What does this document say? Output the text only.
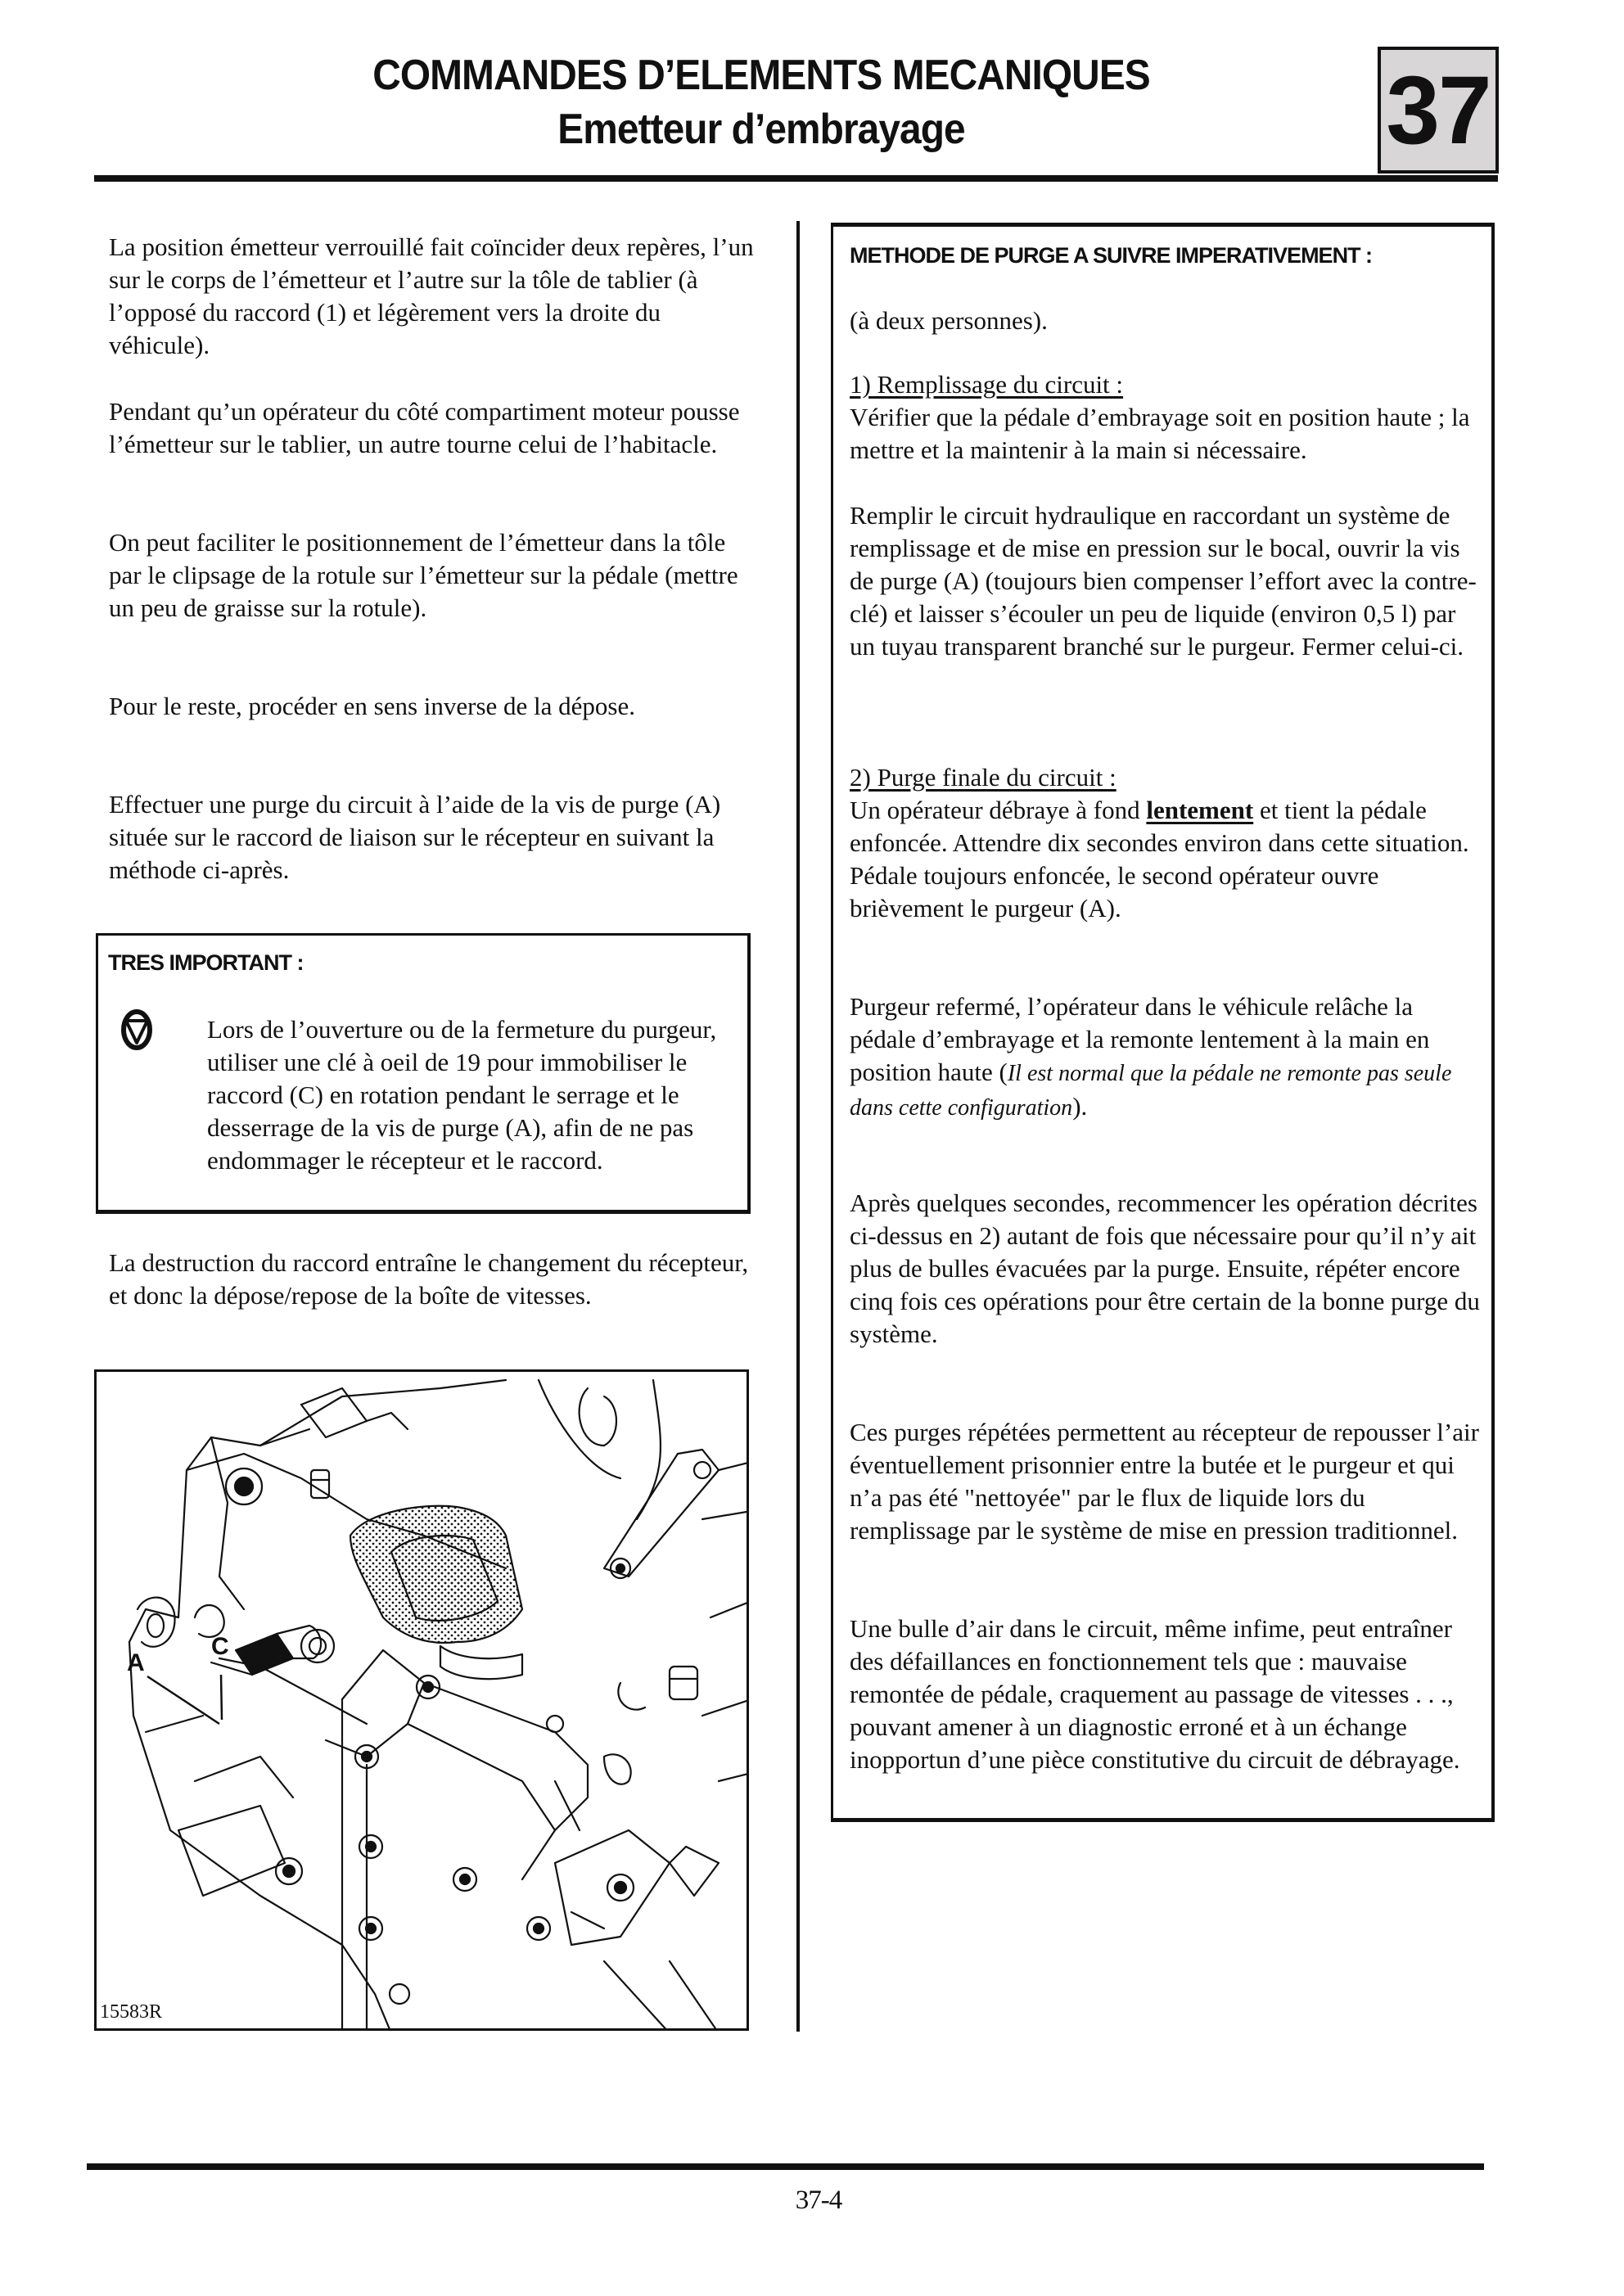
COMMANDES D’ELEMENTS MECANIQUES
Emetteur d’embrayage	37

La position émetteur verrouillé fait coïncider deux repères, l’un sur le corps de l’émetteur et l’autre sur la tôle de tablier (à l’opposé du raccord (1) et légèrement vers la droite du véhicule).

Pendant qu’un opérateur du côté compartiment moteur pousse l’émetteur sur le tablier, un autre tourne celui de l’habitacle.

On peut faciliter le positionnement de l’émetteur dans la tôle par le clipsage de la rotule sur l’émetteur sur la pédale (mettre un peu de graisse sur la rotule).

Pour le reste, procéder en sens inverse de la dépose.

Effectuer une purge du circuit à l’aide de la vis de purge (A) située sur le raccord de liaison sur le récepteur en suivant la méthode ci-après.

TRES IMPORTANT :

Lors de l’ouverture ou de la fermeture du purgeur, utiliser une clé à oeil de 19 pour immobiliser le raccord (C) en rotation pendant le serrage et le desserrage de la vis de purge (A), afin de ne pas endommager le récepteur et le raccord.

La destruction du raccord entraîne le changement du récepteur, et donc la dépose/repose de la boîte de vitesses.

A
C
15583R
METHODE DE PURGE A SUIVRE IMPERATIVEMENT :

(à deux personnes).

1) Remplissage du circuit :

Vérifier que la pédale d’embrayage soit en position haute ; la mettre et la maintenir à la main si nécessaire.

Remplir le circuit hydraulique en raccordant un système de remplissage et de mise en pression sur le bocal, ouvrir la vis de purge (A) (toujours bien compenser l’effort avec la contre-clé) et laisser s’écouler un peu de liquide (environ 0,5 l) par un tuyau transparent branché sur le purgeur. Fermer celui-ci.

2) Purge finale du circuit :

Un opérateur débraye à fond lentement et tient la pédale enfoncée. Attendre dix secondes environ dans cette situation. Pédale toujours enfoncée, le second opérateur ouvre brièvement le purgeur (A).

Purgeur refermé, l’opérateur dans le véhicule relâche la pédale d’embrayage et la remonte lentement à la main en position haute (Il est normal que la pédale ne remonte pas seule dans cette configuration).

Après quelques secondes, recommencer les opération décrites ci-dessus en 2) autant de fois que nécessaire pour qu’il n’y ait plus de bulles évacuées par la purge. Ensuite, répéter encore cinq fois ces opérations pour être certain de la bonne purge du système.

Ces purges répétées permettent au récepteur de repousser l’air éventuellement prisonnier entre la butée et le purgeur et qui n’a pas été "nettoyée" par le flux de liquide lors du remplissage par le système de mise en pression traditionnel.

Une bulle d’air dans le circuit, même infime, peut entraîner des défaillances en fonctionnement tels que : mauvaise remontée de pédale, craquement au passage de vitesses . . ., pouvant amener à un diagnostic erroné et à un échange inopportun d’une pièce constitutive du circuit de débrayage.

37-4
